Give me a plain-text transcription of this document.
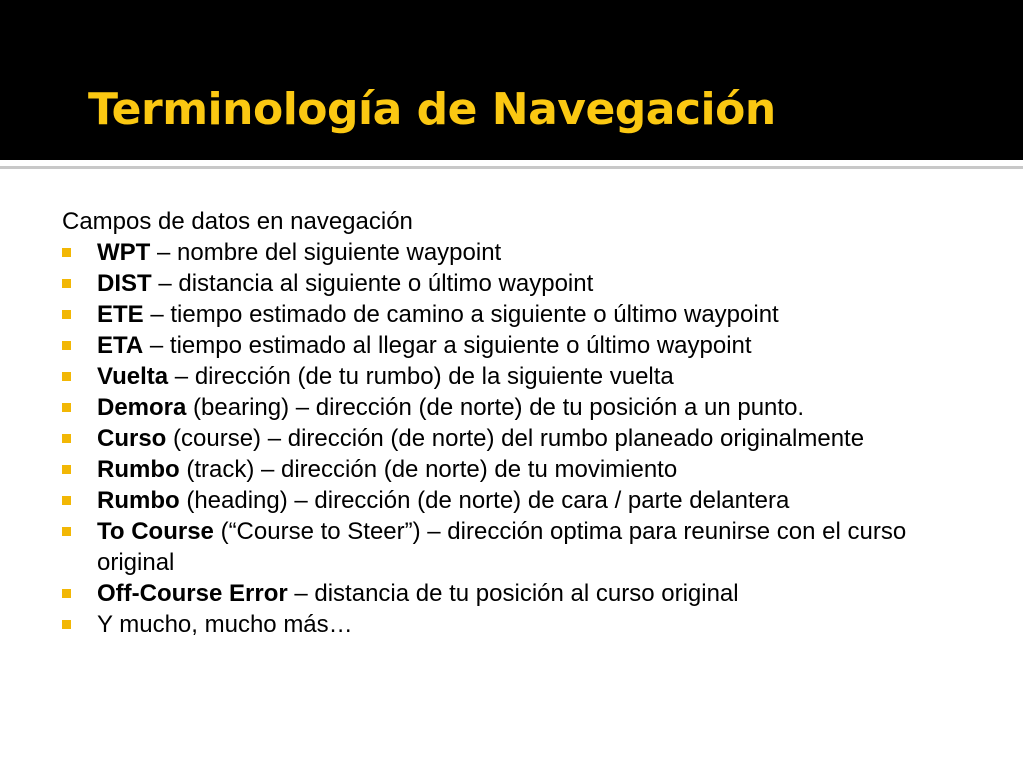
Terminología de Navegación

Campos de datos en navegación

WPT – nombre del siguiente waypoint
DIST – distancia al siguiente o último waypoint
ETE – tiempo estimado de camino a siguiente o último waypoint
ETA – tiempo estimado al llegar a siguiente o último waypoint
Vuelta – dirección (de tu rumbo) de la siguiente vuelta
Demora (bearing) – dirección (de norte) de tu posición a un punto.
Curso (course) – dirección (de norte) del rumbo planeado originalmente
Rumbo (track) – dirección (de norte) de tu movimiento
Rumbo (heading) – dirección (de norte) de cara / parte delantera
To Course (“Course to Steer”) – dirección optima para reunirse con el curso original
Off-Course Error – distancia de tu posición al curso original
Y mucho, mucho más…
